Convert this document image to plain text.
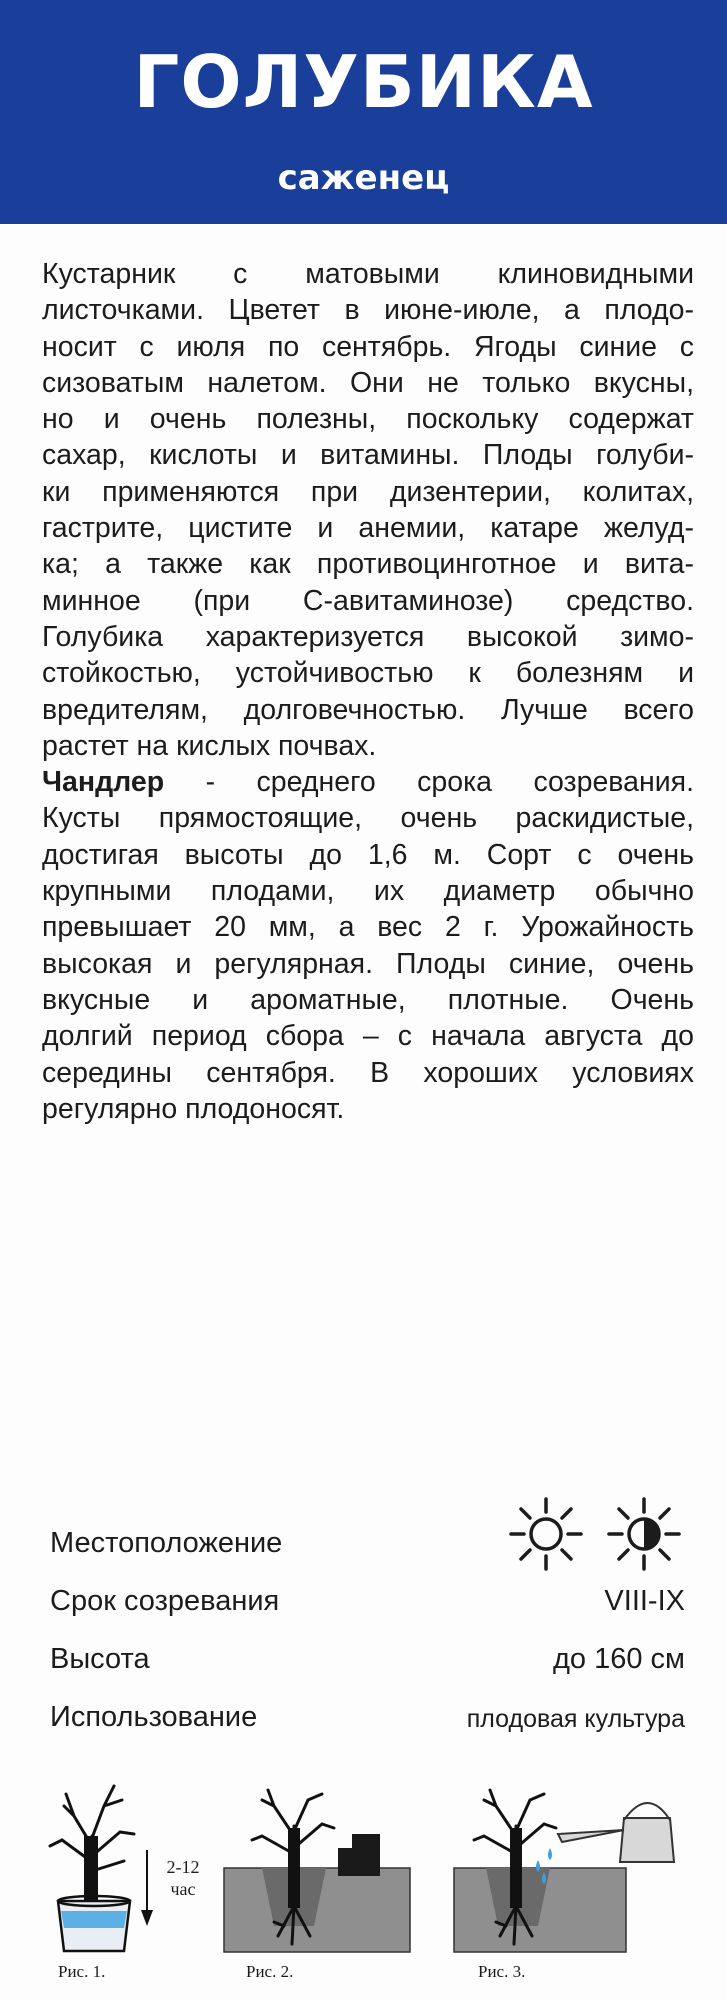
ГОЛУБИКА
саженец
Кустарник с матовыми клиновидными
листочками. Цветет в июне-июле, а плодо-
носит с июля по сентябрь. Ягоды синие с
сизоватым налетом. Они не только вкусны,
но и очень полезны, поскольку содержат
сахар, кислоты и витамины. Плоды голуби-
ки применяются при дизентерии, колитах,
гастрите, цистите и анемии, катаре желуд-
ка; а также как противоцинготное и вита-
минное (при С-авитаминозе) средство.
Голубика характеризуется высокой зимо-
стойкостью, устойчивостью к болезням и
вредителям, долговечностью. Лучше всего
растет на кислых почвах.
Чандлер - среднего срока созревания.
Кусты прямостоящие, очень раскидистые,
достигая высоты до 1,6 м. Сорт с очень
крупными плодами, их диаметр обычно
превышает 20 мм, а вес 2 г. Урожайность
высокая и регулярная. Плоды синие, очень
вкусные и ароматные, плотные. Очень
долгий период сбора – с начала августа до
середины сентября. В хороших условиях
регулярно плодоносят.
Местоположение
Срок созревания	VIII-IX
Высота	до 160 см
Использование	плодовая культура
2-12
час
Рис. 1.	Рис. 2.	Рис. 3.
